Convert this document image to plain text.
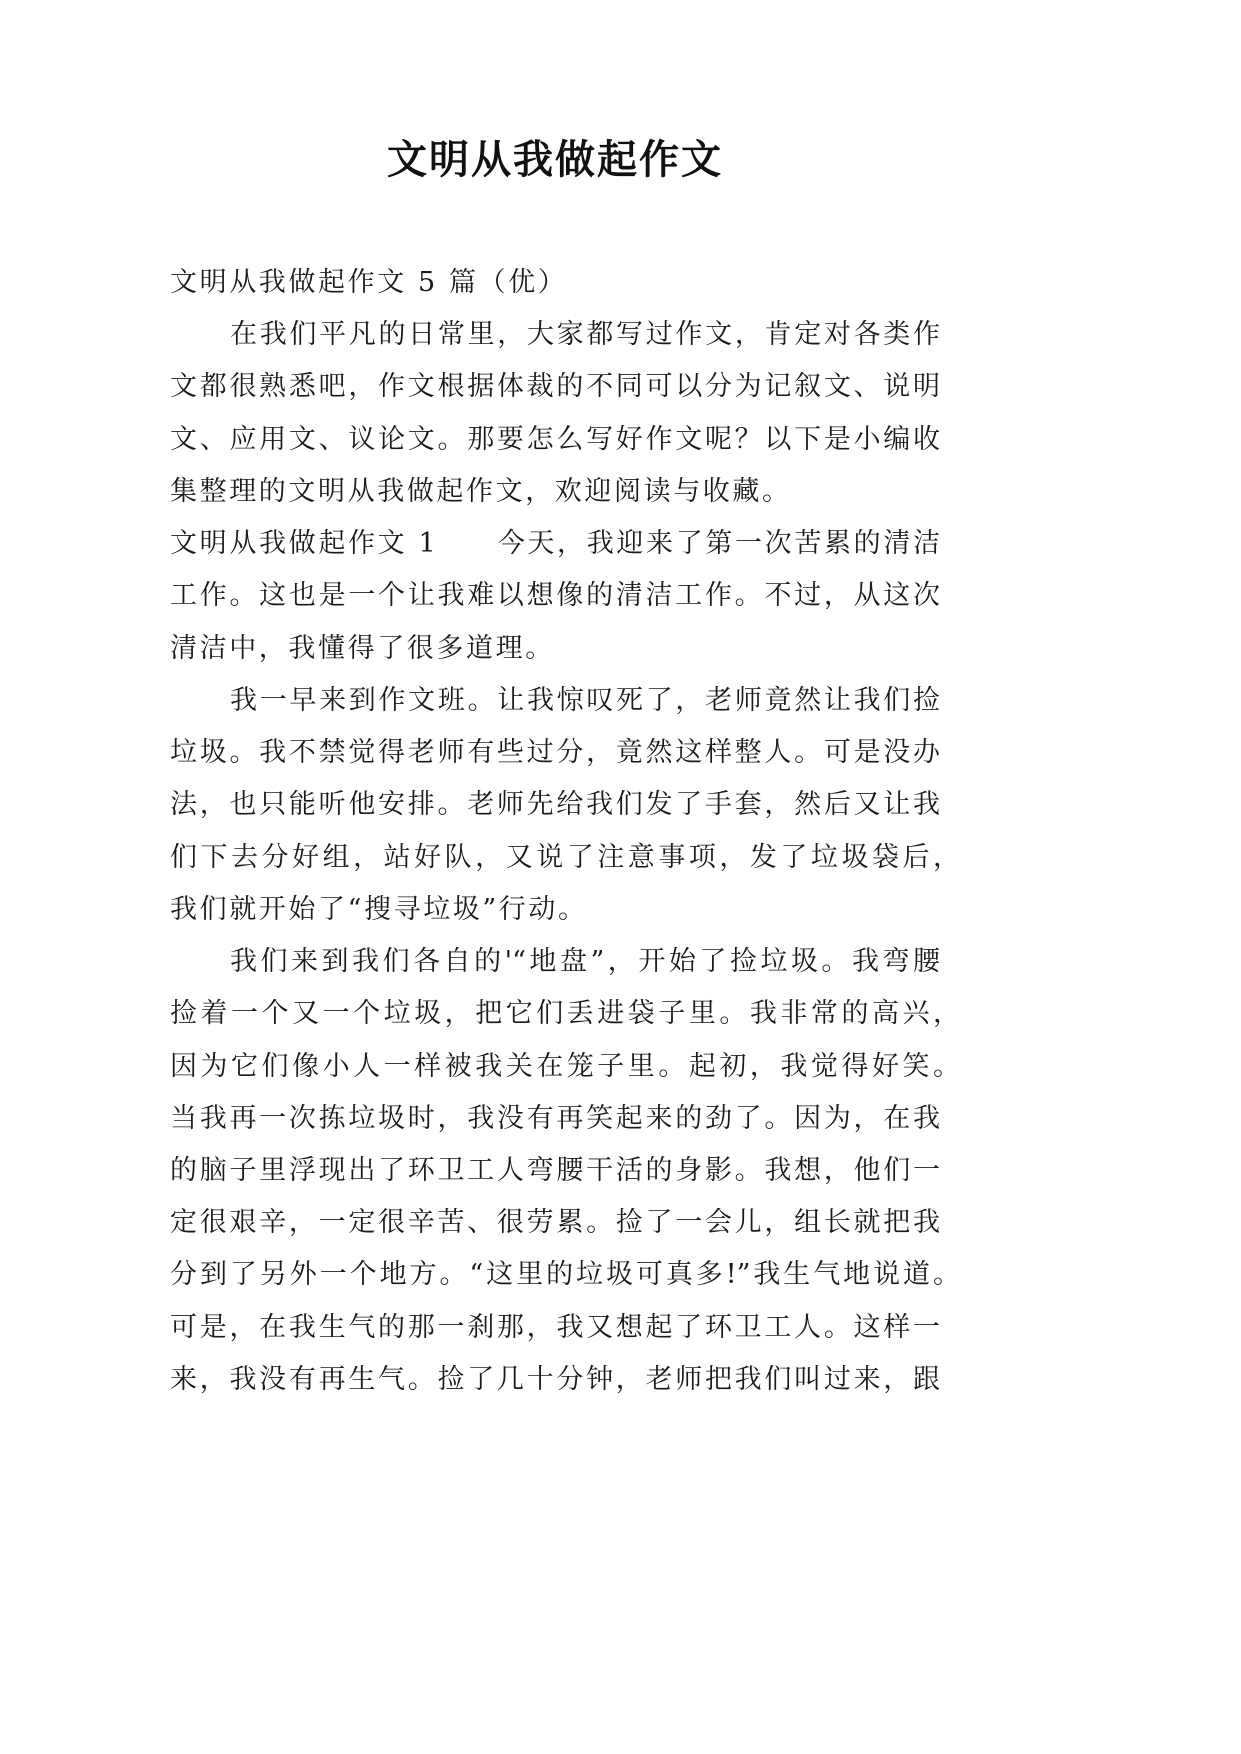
文明从我做起作文
文明从我做起作文 5 篇（优）
在我们平凡的日常里，大家都写过作文，肯定对各类作
文都很熟悉吧，作文根据体裁的不同可以分为记叙文、说明
文、应用文、议论文。那要怎么写好作文呢？以下是小编收
集整理的文明从我做起作文，欢迎阅读与收藏。
文明从我做起作文 1　　今天，我迎来了第一次苦累的清洁
工作。这也是一个让我难以想像的清洁工作。不过，从这次
清洁中，我懂得了很多道理。
我一早来到作文班。让我惊叹死了，老师竟然让我们捡
垃圾。我不禁觉得老师有些过分，竟然这样整人。可是没办
法，也只能听他安排。老师先给我们发了手套，然后又让我
们下去分好组，站好队，又说了注意事项，发了垃圾袋后，
我们就开始了“搜寻垃圾”行动。
我们来到我们各自的'“地盘”，开始了捡垃圾。我弯腰
捡着一个又一个垃圾，把它们丢进袋子里。我非常的高兴，
因为它们像小人一样被我关在笼子里。起初，我觉得好笑。
当我再一次拣垃圾时，我没有再笑起来的劲了。因为，在我
的脑子里浮现出了环卫工人弯腰干活的身影。我想，他们一
定很艰辛，一定很辛苦、很劳累。捡了一会儿，组长就把我
分到了另外一个地方。“这里的垃圾可真多!”我生气地说道。
可是，在我生气的那一刹那，我又想起了环卫工人。这样一
来，我没有再生气。捡了几十分钟，老师把我们叫过来，跟
